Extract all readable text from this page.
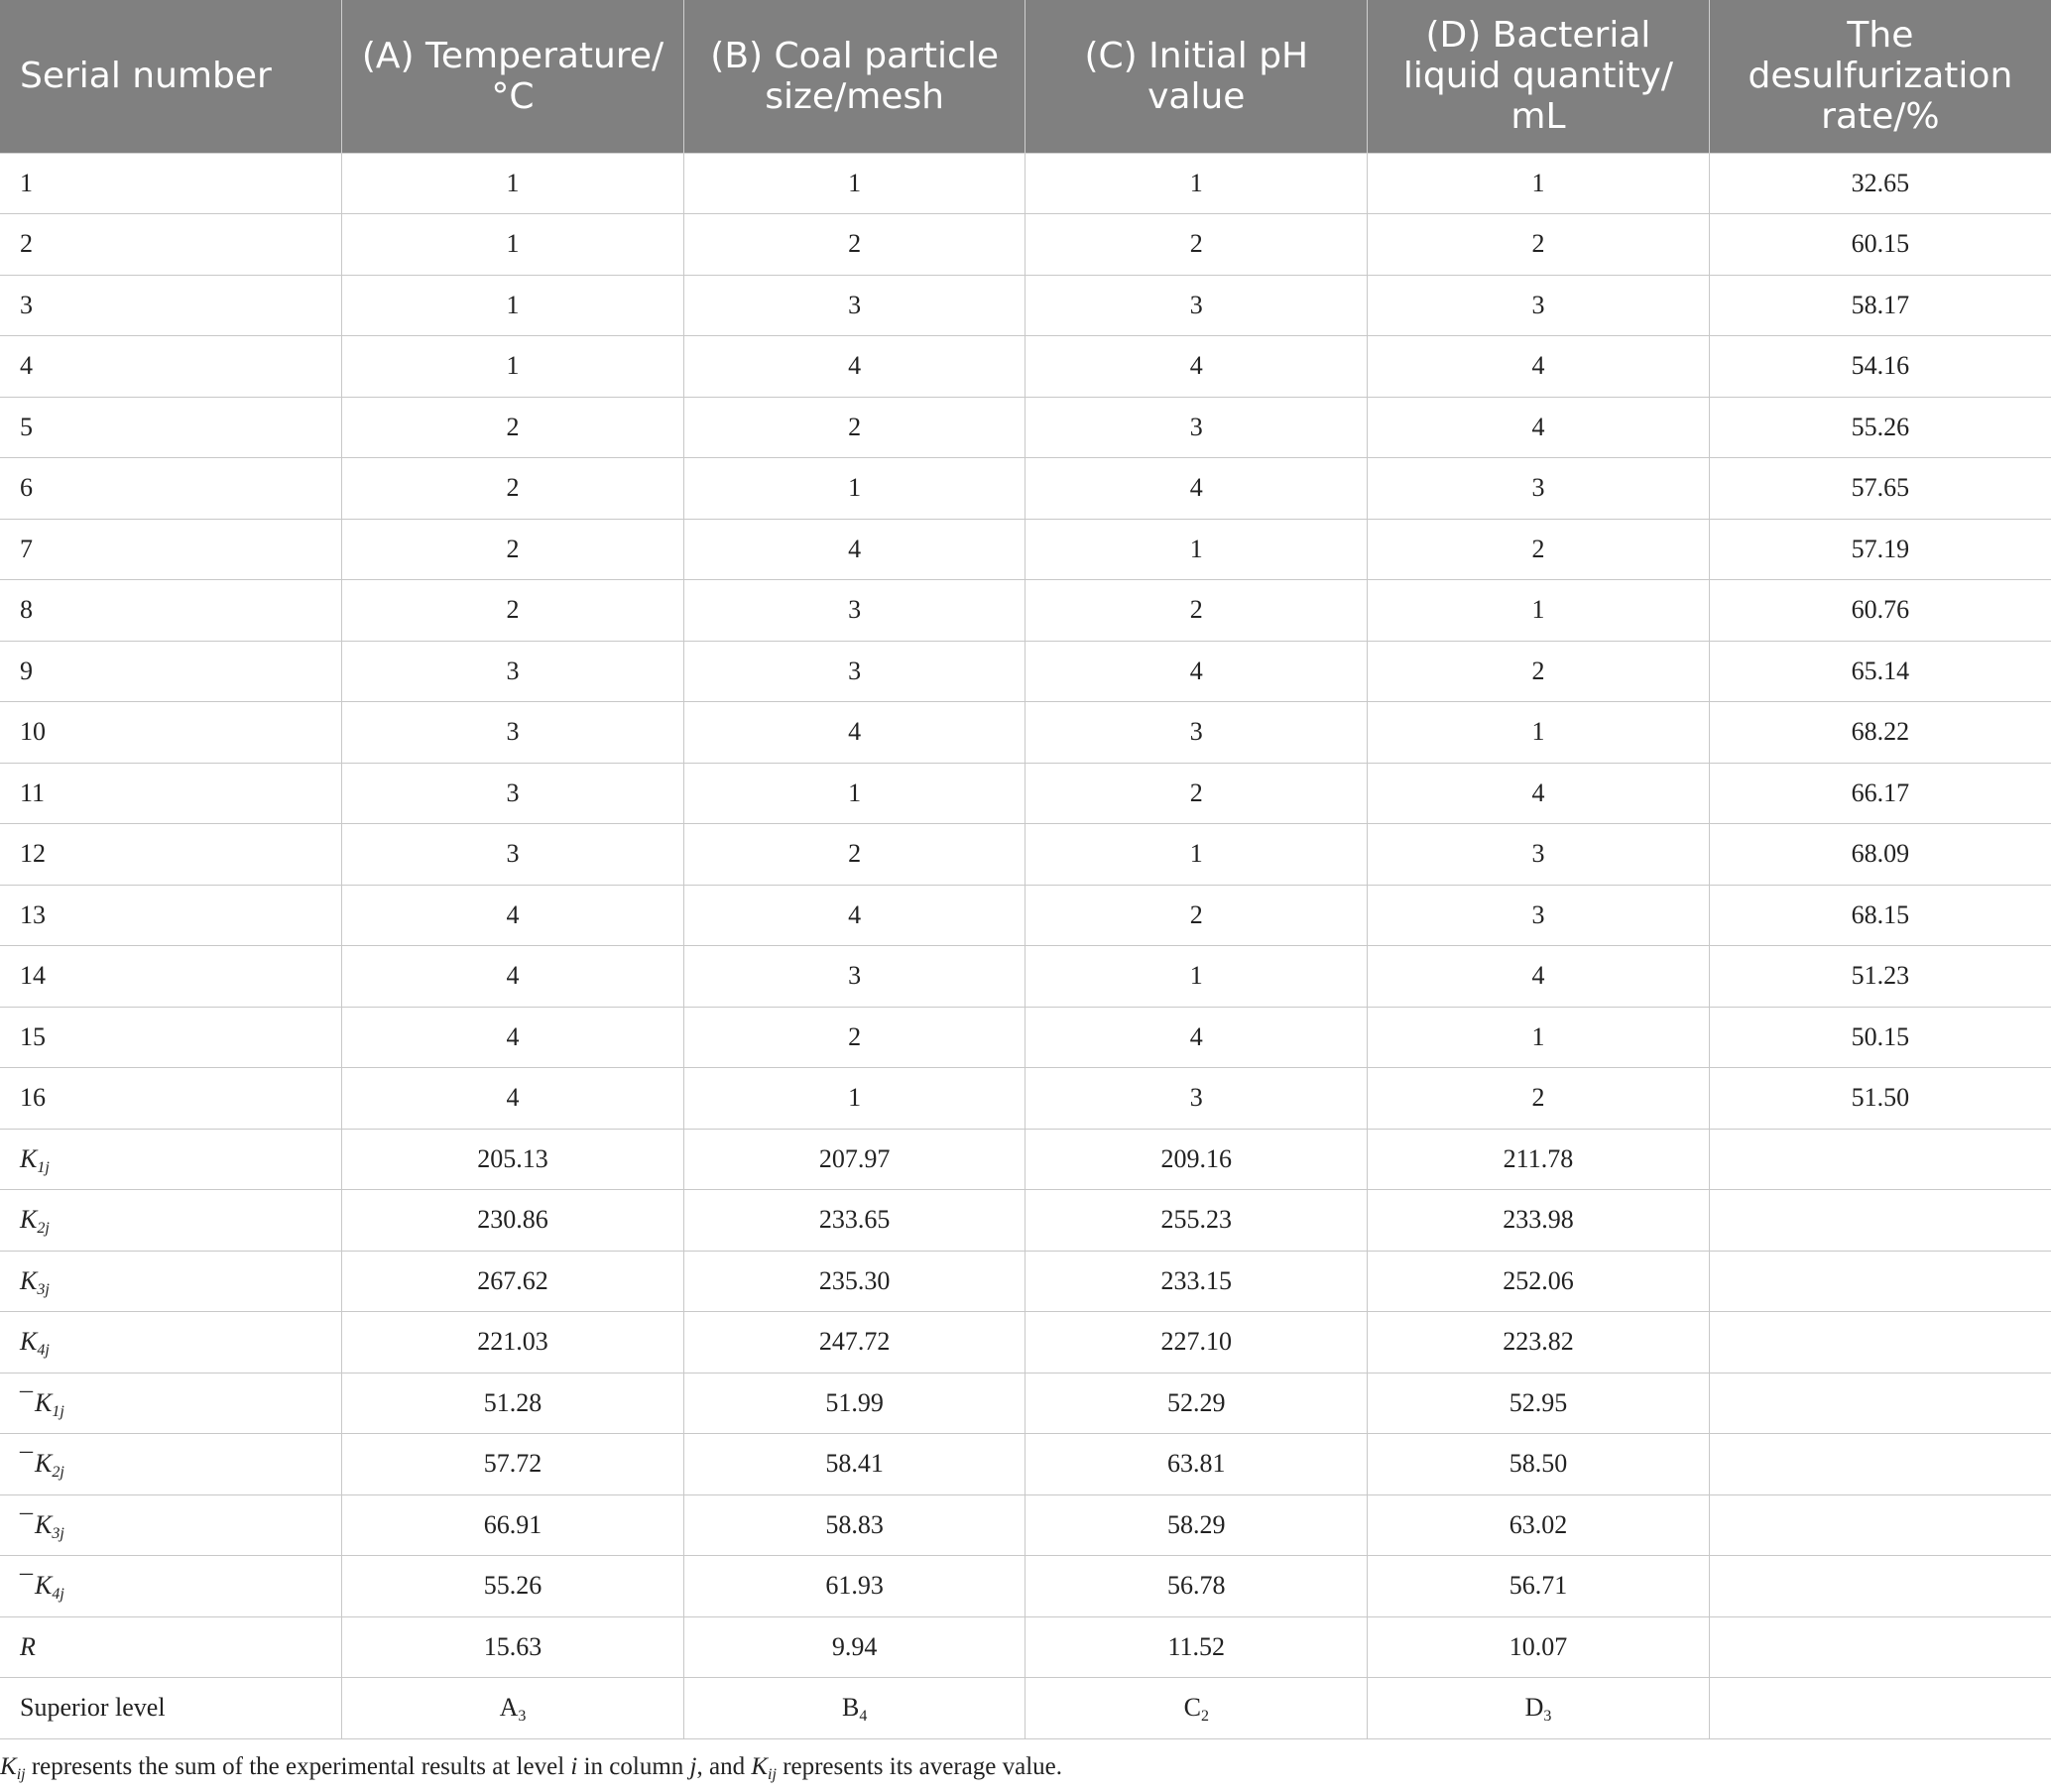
Serial number	(A) Temperature/°C	(B) Coal particle size/mesh	(C) Initial pH value	(D) Bacterial liquid quantity/ mL	The desulfurization rate/%
1	1	1	1	1	32.65
2	1	2	2	2	60.15
3	1	3	3	3	58.17
4	1	4	4	4	54.16
5	2	2	3	4	55.26
6	2	1	4	3	57.65
7	2	4	1	2	57.19
8	2	3	2	1	60.76
9	3	3	4	2	65.14
10	3	4	3	1	68.22
11	3	1	2	4	66.17
12	3	2	1	3	68.09
13	4	4	2	3	68.15
14	4	3	1	4	51.23
15	4	2	4	1	50.15
16	4	1	3	2	51.50
$K_{1j}$	205.13	207.97	209.16	211.78	
$K_{2j}$	230.86	233.65	255.23	233.98	
$K_{3j}$	267.62	235.30	233.15	252.06	
$K_{4j}$	221.03	247.72	227.10	223.82	
$¯K_{1j}$	51.28	51.99	52.29	52.95	
$¯K_{2j}$	57.72	58.41	63.81	58.50	
$¯K_{3j}$	66.91	58.83	58.29	63.02	
$¯K_{4j}$	55.26	61.93	56.78	56.71	
R	15.63	9.94	11.52	10.07	
Superior level	$A_3$	$B_4$	$C_2$	$D_3$	
$K_{ij}$ represents the sum of the experimental results at level i in column j, and $K_{ij}$ represents its average value.
